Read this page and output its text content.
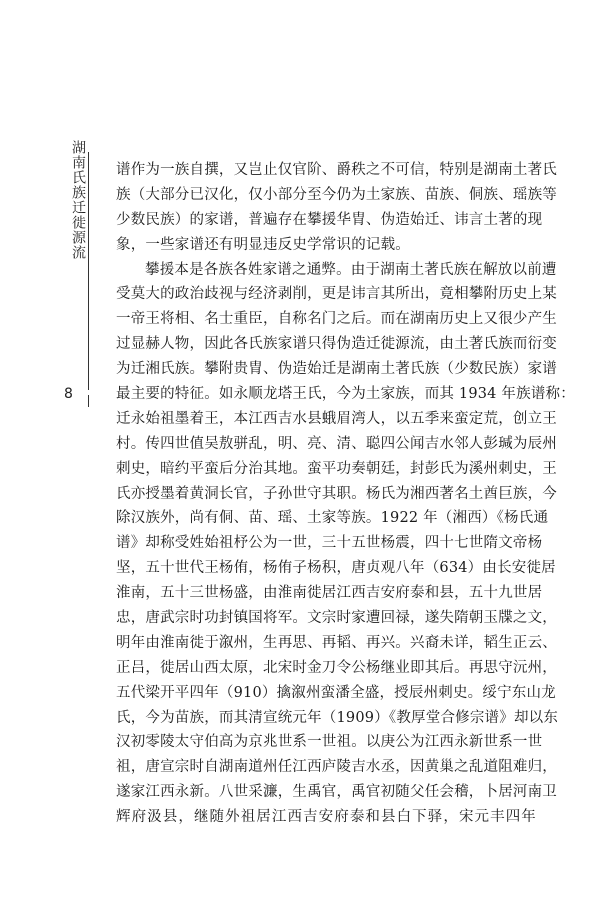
湖南氏族迁徙源流
8

谱作为一族自撰，又岂止仅官阶、爵秩之不可信，特别是湖南土著氏

族（大部分已汉化，仅小部分至今仍为土家族、苗族、侗族、瑶族等

少数民族）的家谱，普遍存在攀援华胄、伪造始迁、讳言土著的现

象，一些家谱还有明显违反史学常识的记载。

攀援本是各族各姓家谱之通弊。由于湖南土著氏族在解放以前遭

受莫大的政治歧视与经济剥削，更是讳言其所出，竟相攀附历史上某

一帝王将相、名士重臣，自称名门之后。而在湖南历史上又很少产生

过显赫人物，因此各氏族家谱只得伪造迁徙源流，由土著氏族而衍变

为迁湘氏族。攀附贵胄、伪造始迁是湖南土著氏族（少数民族）家谱

最主要的特征。如永顺龙塔王氏，今为土家族，而其 1934 年族谱称：

迁永始祖墨着王，本江西吉水县蛾眉湾人，以五季来蛮定荒，创立王

村。传四世值吴敖骈乱，明、亮、清、聪四公闻吉水邻人彭瑊为辰州

刺史，暗约平蛮后分治其地。蛮平功奏朝廷，封彭氏为溪州刺史，王

氏亦授墨着黄洞长官，子孙世守其职。杨氏为湘西著名土酋巨族，今

除汉族外，尚有侗、苗、瑶、土家等族。1922 年（湘西）《杨氏通

谱》却称受姓始祖杼公为一世，三十五世杨震，四十七世隋文帝杨

坚，五十世代王杨侑，杨侑子杨积，唐贞观八年（634）由长安徙居

淮南，五十三世杨盛，由淮南徙居江西吉安府泰和县，五十九世居

忠，唐武宗时功封镇国将军。文宗时家遭回禄，遂失隋朝玉牒之文，

明年由淮南徙于溆州，生再思、再韬、再兴。兴裔未详，韬生正云、

正吕，徙居山西太原，北宋时金刀令公杨继业即其后。再思守沅州，

五代梁开平四年（910）擒溆州蛮潘全盛，授辰州刺史。绥宁东山龙

氏，今为苗族，而其清宣统元年（1909）《教厚堂合修宗谱》却以东

汉初零陵太守伯高为京兆世系一世祖。以庚公为江西永新世系一世

祖，唐宣宗时自湖南道州任江西庐陵吉水丞，因黄巢之乱道阻难归，

遂家江西永新。八世采濂，生禹官，禹官初随父任会稽，卜居河南卫

辉府汲县，继随外祖居江西吉安府泰和县白下驿，宋元丰四年
